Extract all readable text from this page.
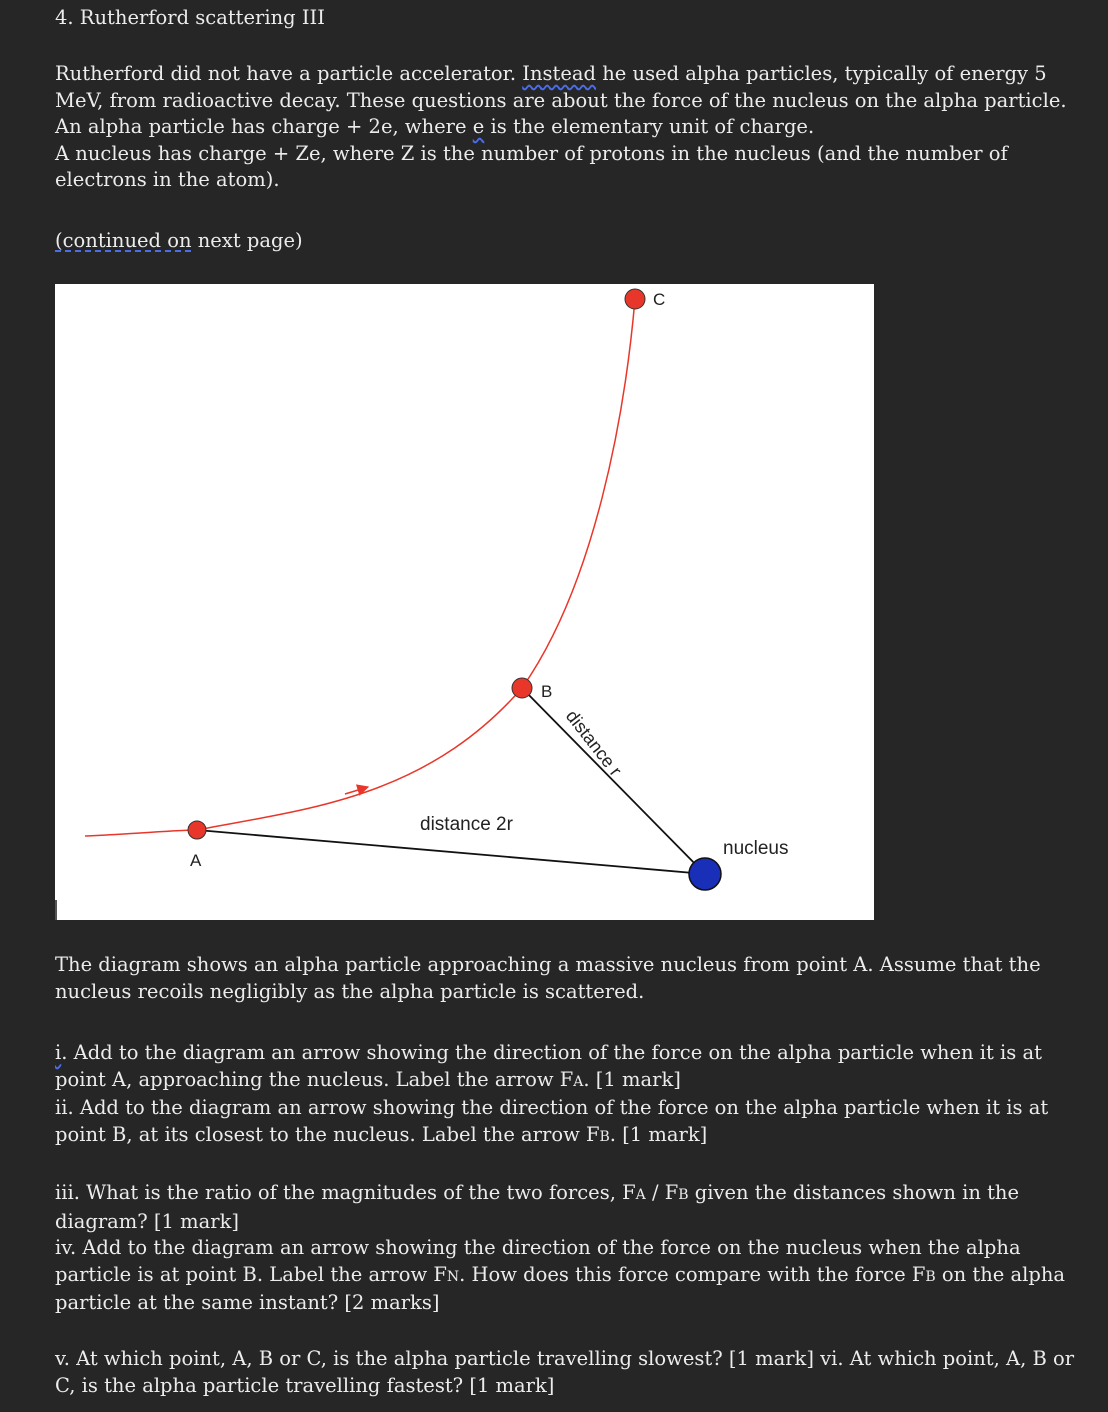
4. Rutherford scattering III
Rutherford did not have a particle accelerator. Instead he used alpha particles, typically of energy 5 MeV, from radioactive decay. These questions are about the force of the nucleus on the alpha particle. An alpha particle has charge + 2e, where e is the elementary unit of charge.
A nucleus has charge + Ze, where Z is the number of protons in the nucleus (and the number of electrons in the atom).
(continued on next page)
A
B
C
distance 2r
distance r
nucleus
The diagram shows an alpha particle approaching a massive nucleus from point A. Assume that the nucleus recoils negligibly as the alpha particle is scattered.
i. Add to the diagram an arrow showing the direction of the force on the alpha particle when it is at point A, approaching the nucleus. Label the arrow FA. [1 mark]
ii. Add to the diagram an arrow showing the direction of the force on the alpha particle when it is at point B, at its closest to the nucleus. Label the arrow FB. [1 mark]
iii. What is the ratio of the magnitudes of the two forces, FA / FB given the distances shown in the diagram? [1 mark]
iv. Add to the diagram an arrow showing the direction of the force on the nucleus when the alpha particle is at point B. Label the arrow FN. How does this force compare with the force FB on the alpha particle at the same instant? [2 marks]
v. At which point, A, B or C, is the alpha particle travelling slowest? [1 mark] vi. At which point, A, B or C, is the alpha particle travelling fastest? [1 mark]
